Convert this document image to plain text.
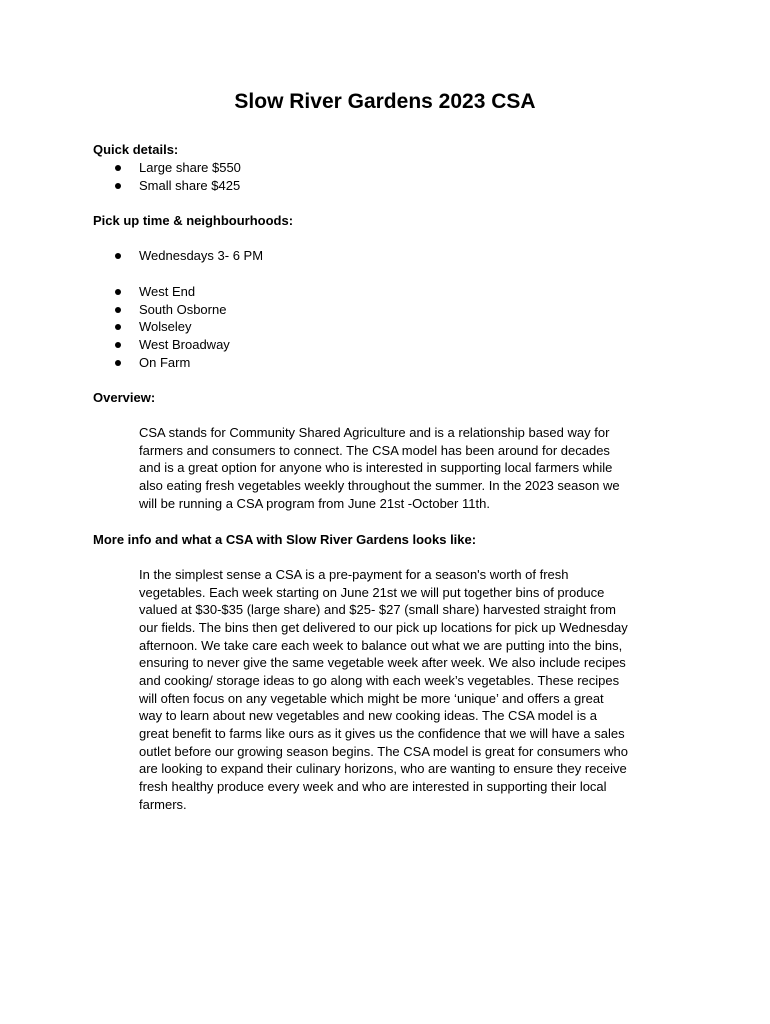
Slow River Gardens 2023 CSA
Quick details:
Large share $550
Small share $425
Pick up time & neighbourhoods:
Wednesdays 3- 6 PM
West End
South Osborne
Wolseley
West Broadway
On Farm
Overview:

CSA stands for Community Shared Agriculture and is a relationship based way for
farmers and consumers to connect. The CSA model has been around for decades
and is a great option for anyone who is interested in supporting local farmers while
also eating fresh vegetables weekly throughout the summer. In the 2023 season we
will be running a CSA program from June 21st -October 11th.

More info and what a CSA with Slow River Gardens looks like:

In the simplest sense a CSA is a pre-payment for a season's worth of fresh
vegetables. Each week starting on June 21st we will put together bins of produce
valued at $30-$35 (large share) and $25- $27 (small share) harvested straight from
our fields. The bins then get delivered to our pick up locations for pick up Wednesday
afternoon. We take care each week to balance out what we are putting into the bins,
ensuring to never give the same vegetable week after week. We also include recipes
and cooking/ storage ideas to go along with each week’s vegetables. These recipes
will often focus on any vegetable which might be more ‘unique’ and offers a great
way to learn about new vegetables and new cooking ideas. The CSA model is a
great benefit to farms like ours as it gives us the confidence that we will have a sales
outlet before our growing season begins. The CSA model is great for consumers who
are looking to expand their culinary horizons, who are wanting to ensure they receive
fresh healthy produce every week and who are interested in supporting their local
farmers.
